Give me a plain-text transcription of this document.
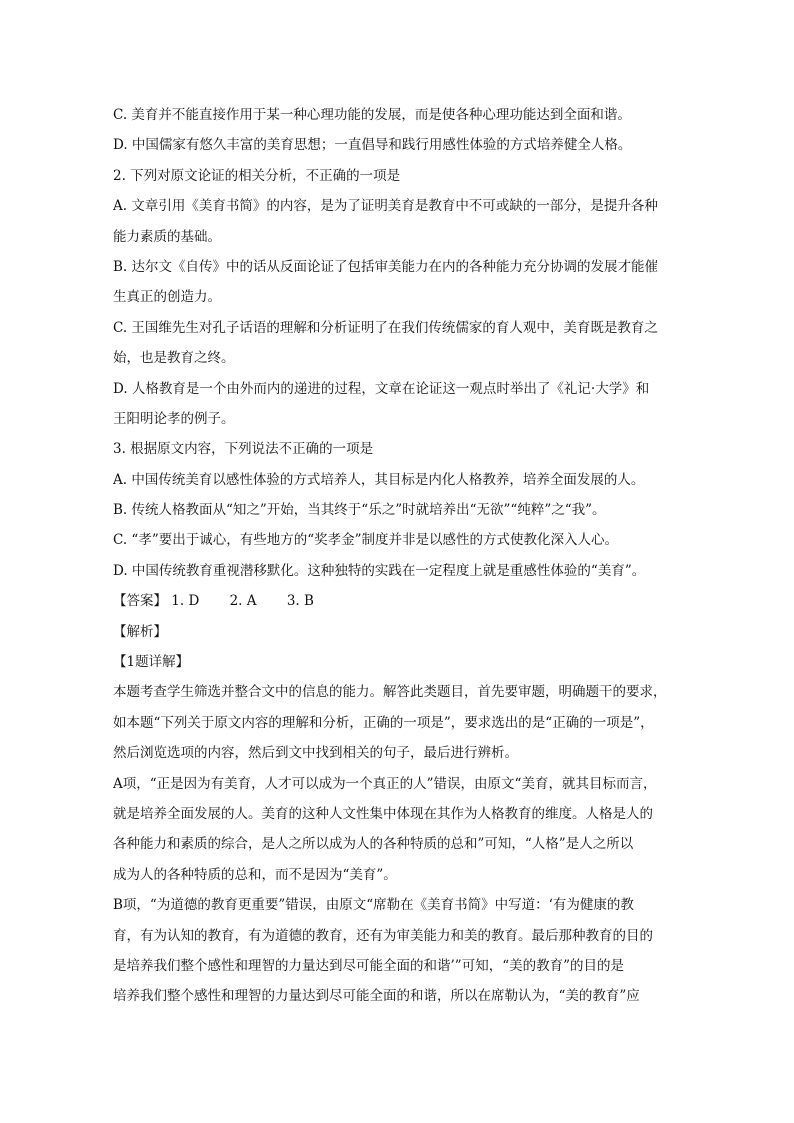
C. 美育并不能直接作用于某一种心理功能的发展，而是使各种心理功能达到全面和谐。
D. 中国儒家有悠久丰富的美育思想；一直倡导和践行用感性体验的方式培养健全人格。
2. 下列对原文论证的相关分析，不正确的一项是
A. 文章引用《美育书简》的内容，是为了证明美育是教育中不可或缺的一部分，是提升各种
能力素质的基础。
B. 达尔文《自传》中的话从反面论证了包括审美能力在内的各种能力充分协调的发展才能催
生真正的创造力。
C. 王国维先生对孔子话语的理解和分析证明了在我们传统儒家的育人观中，美育既是教育之
始，也是教育之终。
D. 人格教育是一个由外而内的递进的过程，文章在论证这一观点时举出了《礼记·大学》和
王阳明论孝的例子。
3. 根据原文内容，下列说法不正确的一项是
A. 中国传统美育以感性体验的方式培养人，其目标是内化人格教养，培养全面发展的人。
B. 传统人格教面从“知之”开始，当其终于“乐之”时就培养出“无欲”“纯粹”之“我”。
C. “孝”要出于诚心，有些地方的“奖孝金”制度并非是以感性的方式使教化深入人心。
D. 中国传统教育重视潜移默化。这种独特的实践在一定程度上就是重感性体验的“美育”。
【答案】 1. D 2. A 3. B
【解析】
【1题详解】
本题考查学生筛选并整合文中的信息的能力。解答此类题目，首先要审题，明确题干的要求，
如本题“下列关于原文内容的理解和分析，正确的一项是”，要求选出的是“正确的一项是”，
然后浏览选项的内容，然后到文中找到相关的句子，最后进行辨析。
A项，“正是因为有美育，人才可以成为一个真正的人”错误，由原文“美育，就其目标而言，
就是培养全面发展的人。美育的这种人文性集中体现在其作为人格教育的维度。人格是人的
各种能力和素质的综合，是人之所以成为人的各种特质的总和”可知，“人格”是人之所以
成为人的各种特质的总和，而不是因为“美育”。
B项，“为道德的教育更重要”错误，由原文“席勒在《美育书简》中写道：‘有为健康的教
育，有为认知的教育，有为道德的教育，还有为审美能力和美的教育。最后那种教育的目的
是培养我们整个感性和理智的力量达到尽可能全面的和谐’”可知，“美的教育”的目的是
培养我们整个感性和理智的力量达到尽可能全面的和谐，所以在席勒认为，“美的教育”应
